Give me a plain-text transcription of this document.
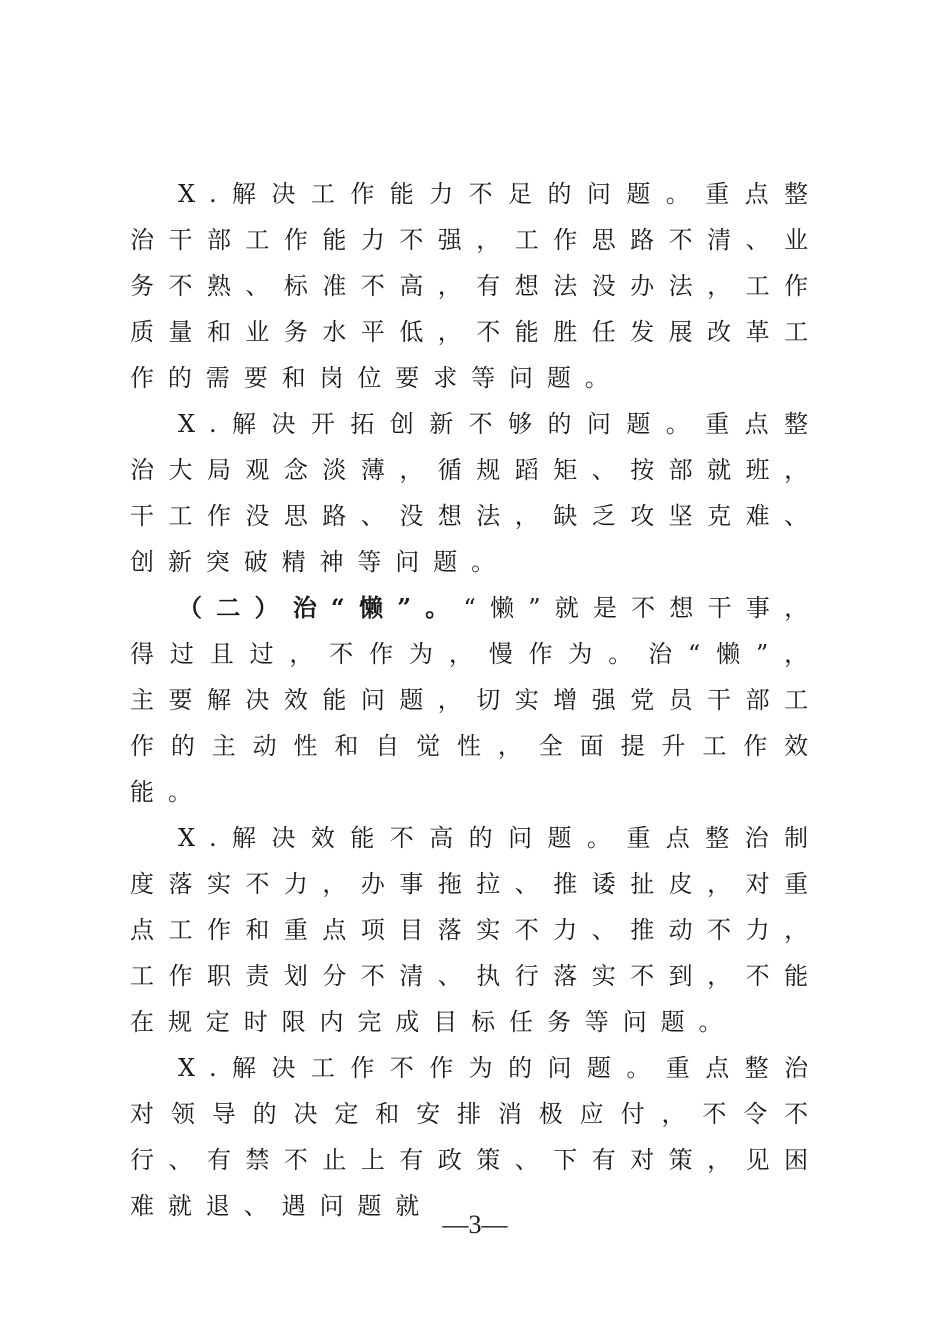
X.解决工作能力不足的问题。重点整治干部工作能力不强，工作思路不清、业务不熟、标准不高，有想法没办法，工作质量和业务水平低，不能胜任发展改革工作的需要和岗位要求等问题。

X.解决开拓创新不够的问题。重点整治大局观念淡薄，循规蹈矩、按部就班，干工作没思路、没想法，缺乏攻坚克难、创新突破精神等问题。

（二）治“懒”。“懒”就是不想干事，得过且过，不作为，慢作为。治“懒”，主要解决效能问题，切实增强党员干部工作的主动性和自觉性，全面提升工作效能。

X.解决效能不高的问题。重点整治制度落实不力，办事拖拉、推诿扯皮，对重点工作和重点项目落实不力、推动不力，工作职责划分不清、执行落实不到，不能在规定时限内完成目标任务等问题。

X.解决工作不作为的问题。重点整治对领导的决定和安排消极应付，不令不行、有禁不止上有政策、下有对策，见困难就退、遇问题就

—3—
